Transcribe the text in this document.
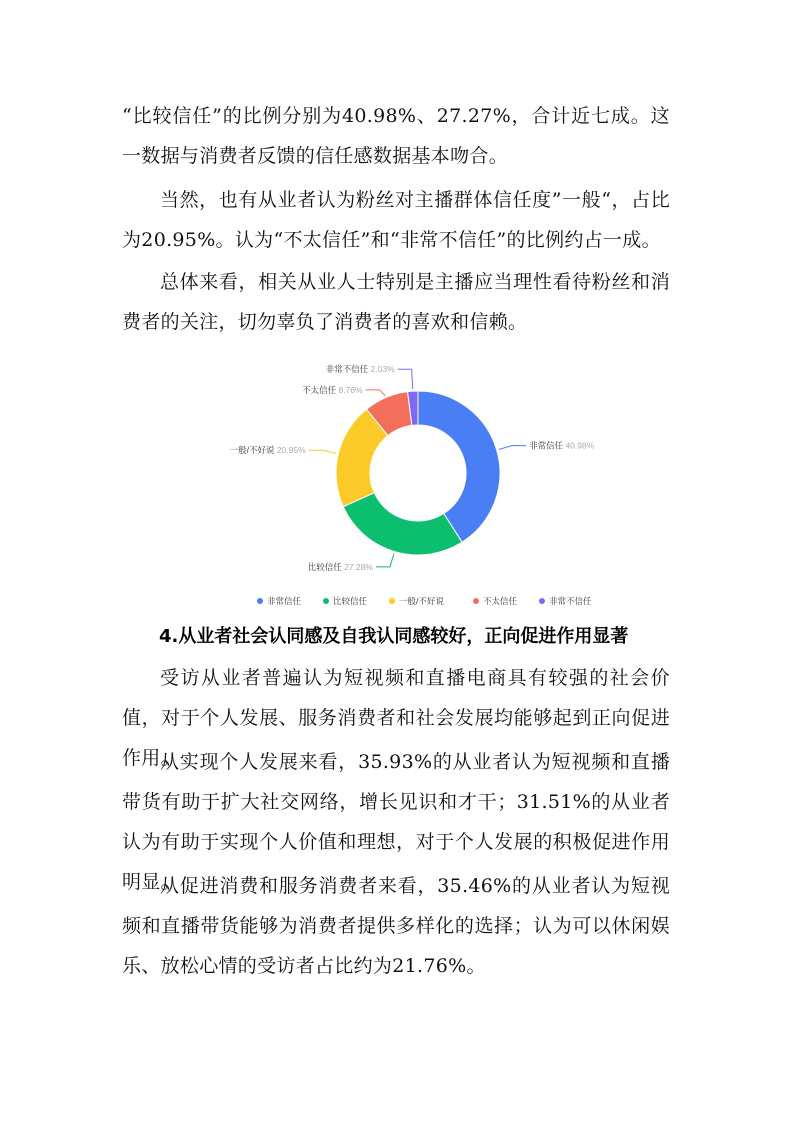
“比较信任”的比例分别为40.98%、27.27%，合计近七成。这一数据与消费者反馈的信任感数据基本吻合。

当然，也有从业者认为粉丝对主播群体信任度”一般“，占比为20.95%。认为“不太信任”和“非常不信任”的比例约占一成。

总体来看，相关从业人士特别是主播应当理性看待粉丝和消费者的关注，切勿辜负了消费者的喜欢和信赖。

非常信任 40.98%
比较信任 27.28%
一般/不好说 20.95%
不太信任 8.76%
非常不信任 2.03%
非常信任	比较信任	一般/不好说	不太信任	非常不信任

4.从业者社会认同感及自我认同感较好，正向促进作用显著

受访从业者普遍认为短视频和直播电商具有较强的社会价值，对于个人发展、服务消费者和社会发展均能够起到正向促进作用。

从实现个人发展来看，35.93%的从业者认为短视频和直播带货有助于扩大社交网络，增长见识和才干；31.51%的从业者认为有助于实现个人价值和理想，对于个人发展的积极促进作用明显。

从促进消费和服务消费者来看，35.46%的从业者认为短视频和直播带货能够为消费者提供多样化的选择；认为可以休闲娱乐、放松心情的受访者占比约为21.76%。
